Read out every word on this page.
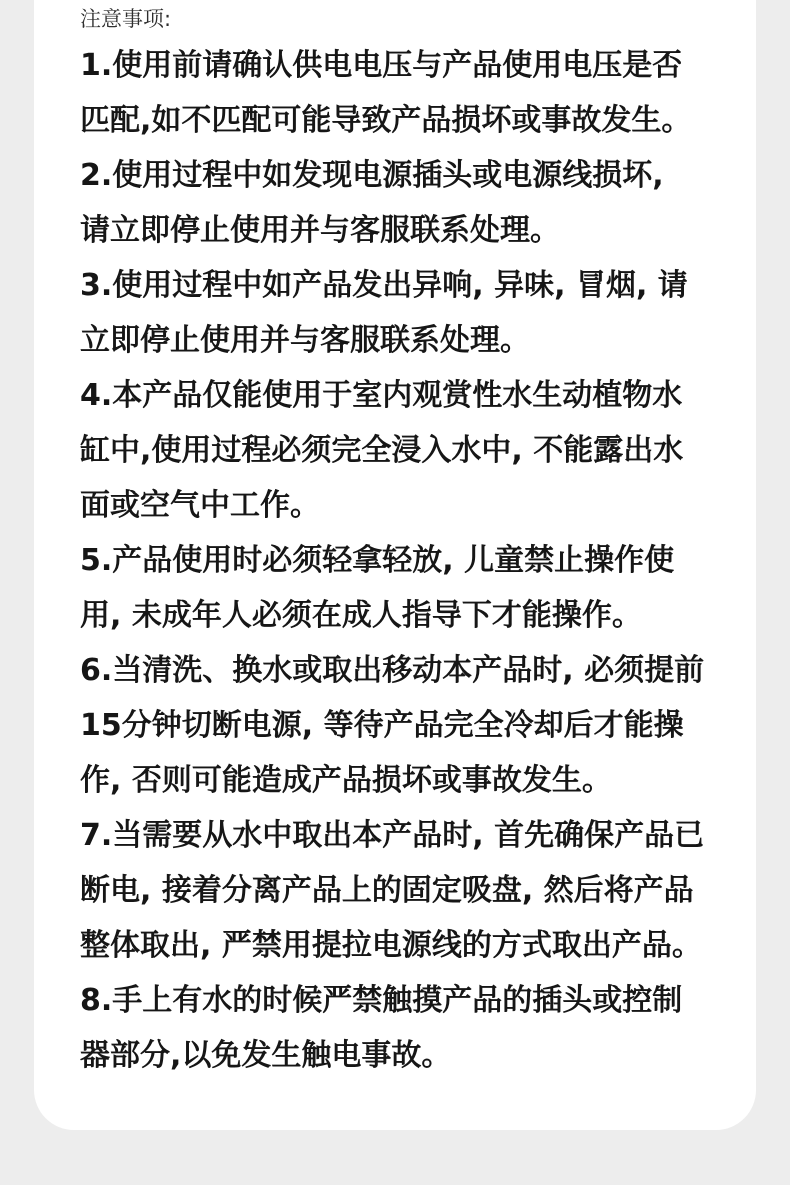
注意事项:
1.使用前请确认供电电压与产品使用电压是否
匹配,如不匹配可能导致产品损坏或事故发生。
2.使用过程中如发现电源插头或电源线损坏,
请立即停止使用并与客服联系处理。
3.使用过程中如产品发出异响, 异味, 冒烟, 请
立即停止使用并与客服联系处理。
4.本产品仅能使用于室内观赏性水生动植物水
缸中,使用过程必须完全浸入水中, 不能露出水
面或空气中工作。
5.产品使用时必须轻拿轻放, 儿童禁止操作使
用, 未成年人必须在成人指导下才能操作。
6.当清洗、换水或取出移动本产品时, 必须提前
15分钟切断电源, 等待产品完全冷却后才能操
作, 否则可能造成产品损坏或事故发生。
7.当需要从水中取出本产品时, 首先确保产品已
断电, 接着分离产品上的固定吸盘, 然后将产品
整体取出, 严禁用提拉电源线的方式取出产品。
8.手上有水的时候严禁触摸产品的插头或控制
器部分,以免发生触电事故。
